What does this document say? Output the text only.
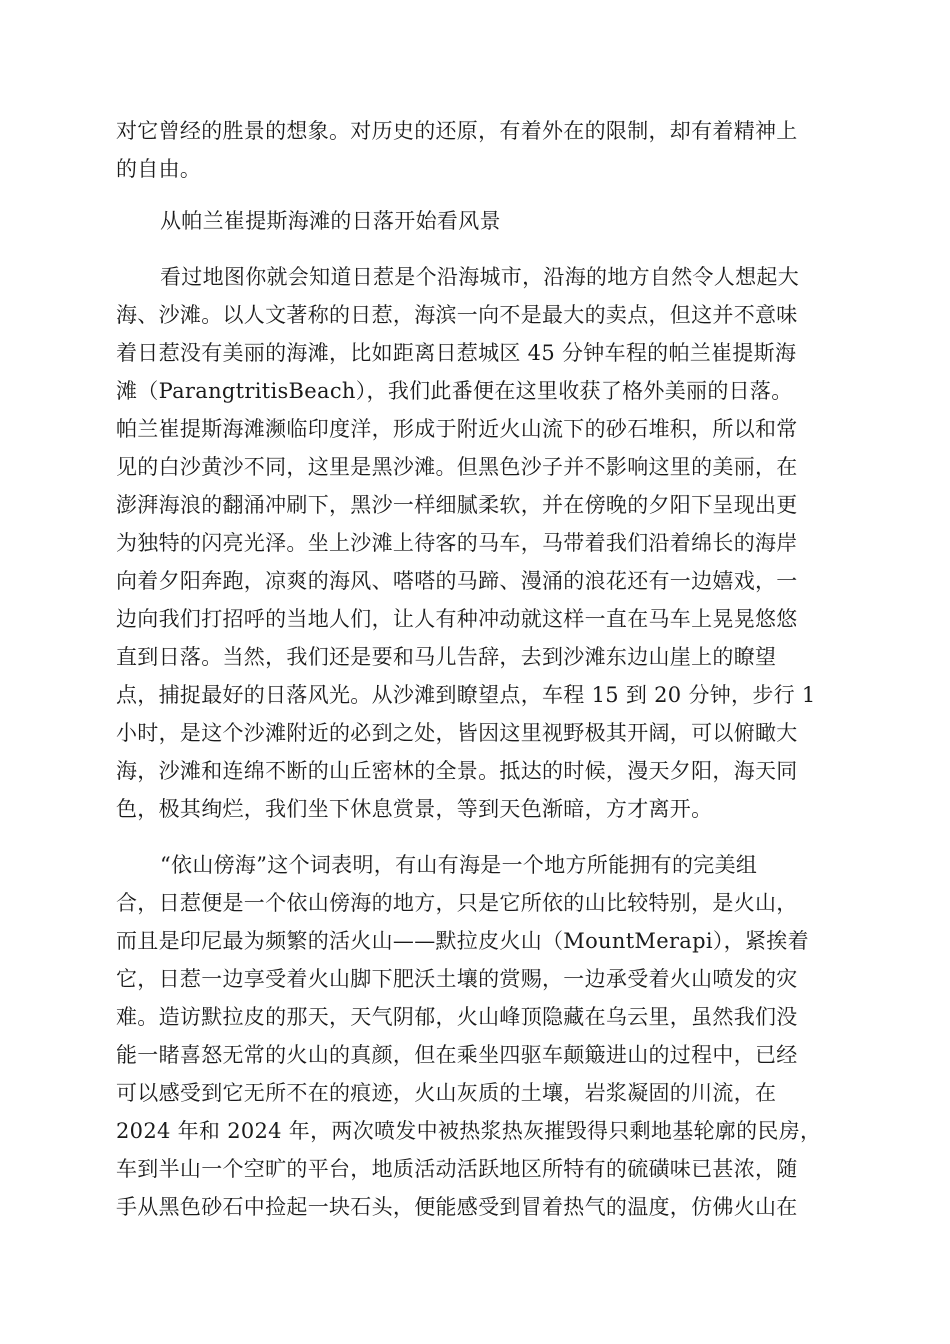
对它曾经的胜景的想象。对历史的还原，有着外在的限制，却有着精神上
的自由。
从帕兰崔提斯海滩的日落开始看风景
看过地图你就会知道日惹是个沿海城市，沿海的地方自然令人想起大
海、沙滩。以人文著称的日惹，海滨一向不是最大的卖点，但这并不意味
着日惹没有美丽的海滩，比如距离日惹城区 45 分钟车程的帕兰崔提斯海
滩（ParangtritisBeach），我们此番便在这里收获了格外美丽的日落。
帕兰崔提斯海滩濒临印度洋，形成于附近火山流下的砂石堆积，所以和常
见的白沙黄沙不同，这里是黑沙滩。但黑色沙子并不影响这里的美丽，在
澎湃海浪的翻涌冲刷下，黑沙一样细腻柔软，并在傍晚的夕阳下呈现出更
为独特的闪亮光泽。坐上沙滩上待客的马车，马带着我们沿着绵长的海岸
向着夕阳奔跑，凉爽的海风、嗒嗒的马蹄、漫涌的浪花还有一边嬉戏，一
边向我们打招呼的当地人们，让人有种冲动就这样一直在马车上晃晃悠悠
直到日落。当然，我们还是要和马儿告辞，去到沙滩东边山崖上的瞭望
点，捕捉最好的日落风光。从沙滩到瞭望点，车程 15 到 20 分钟，步行 1
小时，是这个沙滩附近的必到之处，皆因这里视野极其开阔，可以俯瞰大
海，沙滩和连绵不断的山丘密林的全景。抵达的时候，漫天夕阳，海天同
色，极其绚烂，我们坐下休息赏景，等到天色渐暗，方才离开。
“依山傍海”这个词表明，有山有海是一个地方所能拥有的完美组
合，日惹便是一个依山傍海的地方，只是它所依的山比较特别，是火山，
而且是印尼最为频繁的活火山——默拉皮火山（MountMerapi），紧挨着
它，日惹一边享受着火山脚下肥沃土壤的赏赐，一边承受着火山喷发的灾
难。造访默拉皮的那天，天气阴郁，火山峰顶隐藏在乌云里，虽然我们没
能一睹喜怒无常的火山的真颜，但在乘坐四驱车颠簸进山的过程中，已经
可以感受到它无所不在的痕迹，火山灰质的土壤，岩浆凝固的川流，在
2024 年和 2024 年，两次喷发中被热浆热灰摧毁得只剩地基轮廓的民房，
车到半山一个空旷的平台，地质活动活跃地区所特有的硫磺味已甚浓，随
手从黑色砂石中捡起一块石头，便能感受到冒着热气的温度，仿佛火山在
